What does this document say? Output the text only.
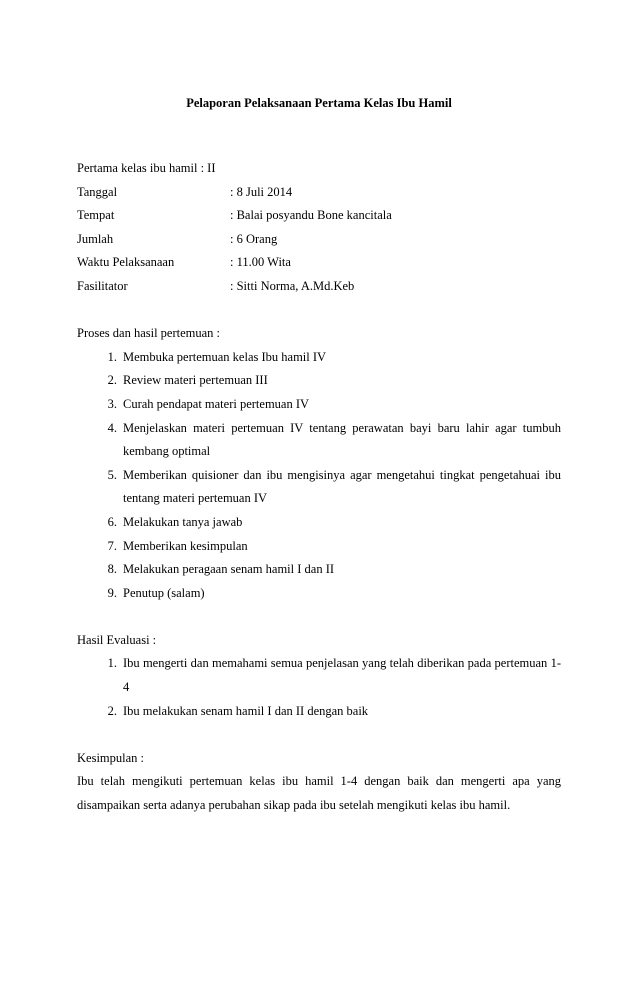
Pelaporan Pelaksanaan Pertama Kelas Ibu Hamil
Pertama kelas ibu hamil : II
Tanggal	: 8 Juli 2014
Tempat	: Balai posyandu Bone kancitala
Jumlah	: 6 Orang
Waktu Pelaksanaan	: 11.00 Wita
Fasilitator	: Sitti Norma, A.Md.Keb
Proses dan hasil pertemuan :
1. Membuka pertemuan kelas Ibu hamil IV
2. Review materi pertemuan III
3. Curah pendapat materi pertemuan IV
4. Menjelaskan materi pertemuan IV tentang perawatan bayi baru lahir agar tumbuh kembang optimal
5. Memberikan quisioner dan ibu mengisinya agar mengetahui tingkat pengetahuai ibu tentang materi pertemuan IV
6. Melakukan tanya jawab
7. Memberikan kesimpulan
8. Melakukan peragaan senam hamil I dan II
9. Penutup (salam)
Hasil Evaluasi :
1. Ibu mengerti dan memahami semua penjelasan yang telah diberikan pada pertemuan 1-4
2. Ibu melakukan senam hamil I dan II dengan baik
Kesimpulan :
Ibu telah mengikuti pertemuan kelas ibu hamil 1-4 dengan baik dan mengerti apa yang disampaikan serta adanya perubahan sikap pada ibu setelah mengikuti kelas ibu hamil.
